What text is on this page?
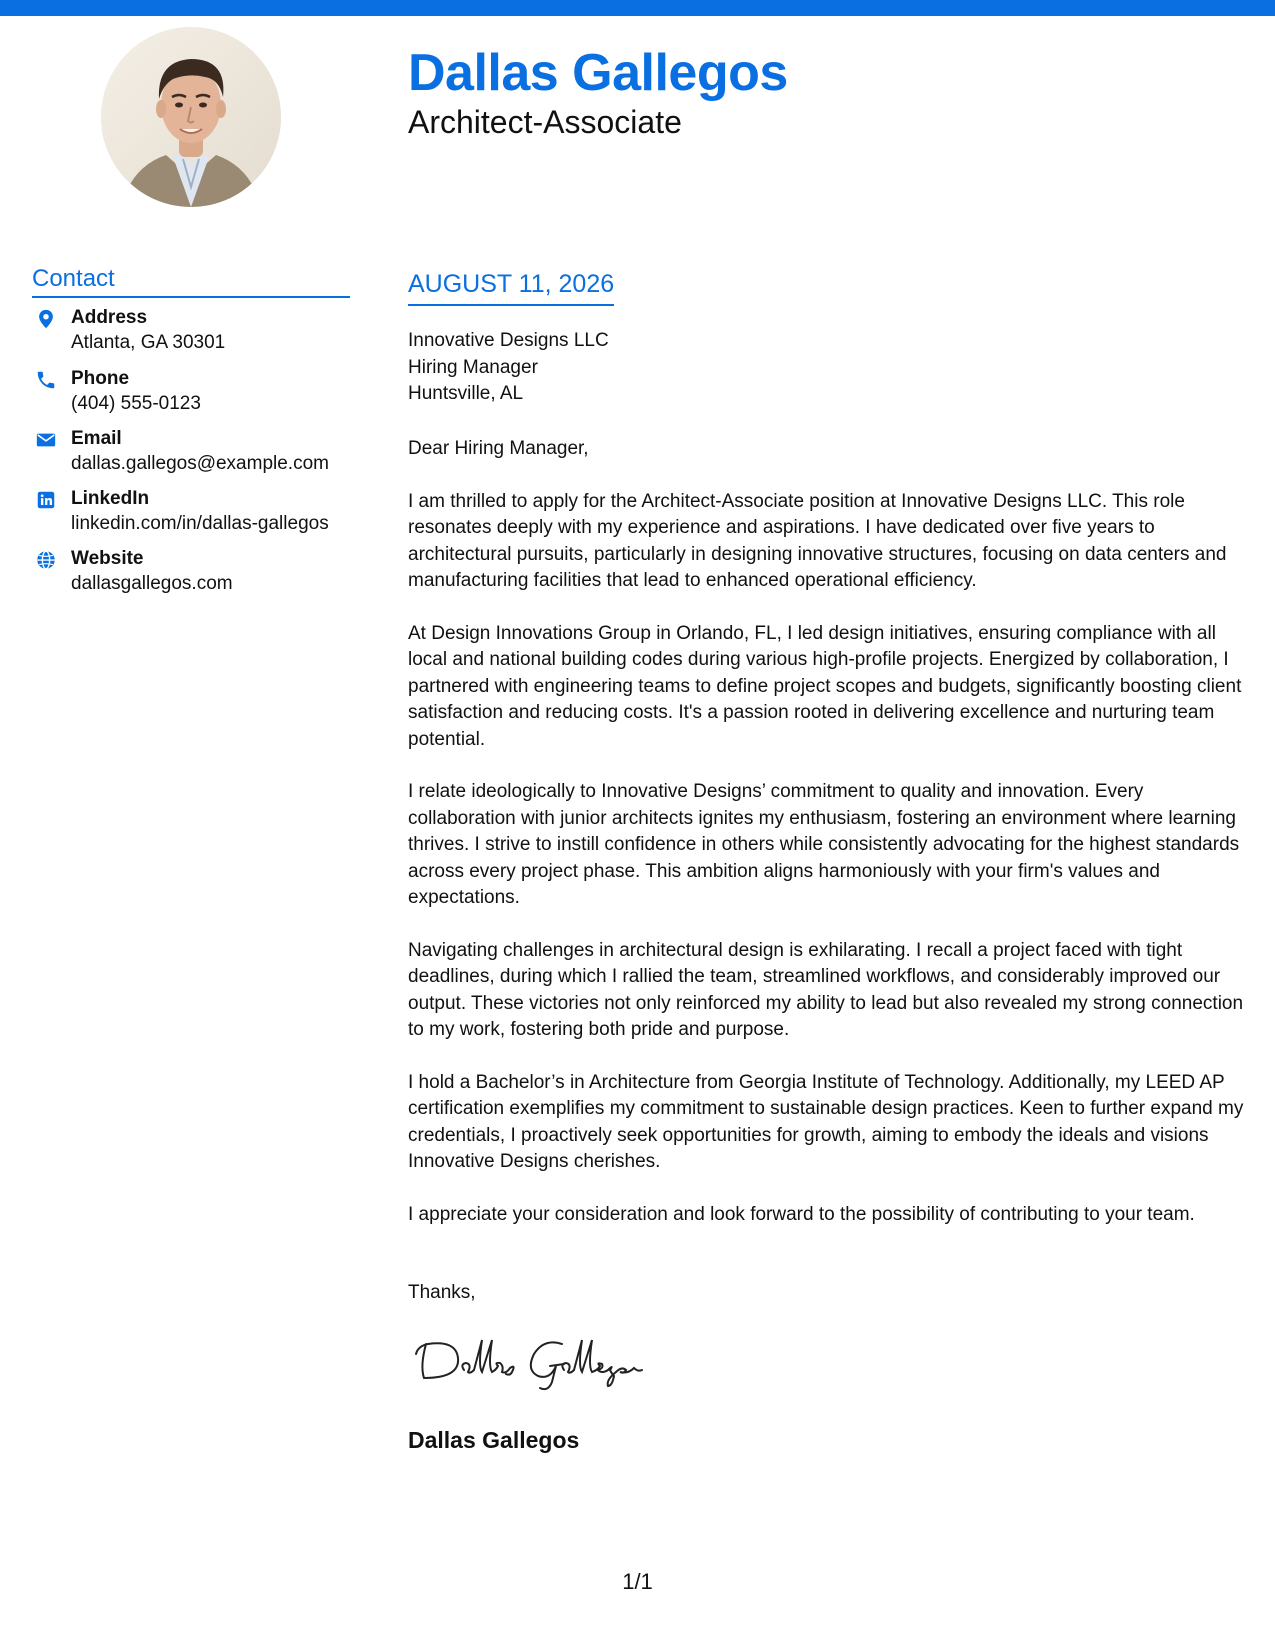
Dallas Gallegos
Architect-Associate
Contact
Address
Atlanta, GA 30301
Phone
(404) 555-0123
Email
dallas.gallegos@example.com
LinkedIn
linkedin.com/in/dallas-gallegos
Website
dallasgallegos.com
AUGUST 11, 2026
Innovative Designs LLC
Hiring Manager
Huntsville, AL

Dear Hiring Manager,

I am thrilled to apply for the Architect-Associate position at Innovative Designs LLC. This role resonates deeply with my experience and aspirations. I have dedicated over five years to architectural pursuits, particularly in designing innovative structures, focusing on data centers and manufacturing facilities that lead to enhanced operational efficiency.

At Design Innovations Group in Orlando, FL, I led design initiatives, ensuring compliance with all local and national building codes during various high-profile projects. Energized by collaboration, I partnered with engineering teams to define project scopes and budgets, significantly boosting client satisfaction and reducing costs. It's a passion rooted in delivering excellence and nurturing team potential.

I relate ideologically to Innovative Designs’ commitment to quality and innovation. Every collaboration with junior architects ignites my enthusiasm, fostering an environment where learning thrives. I strive to instill confidence in others while consistently advocating for the highest standards across every project phase. This ambition aligns harmoniously with your firm's values and expectations.

Navigating challenges in architectural design is exhilarating. I recall a project faced with tight deadlines, during which I rallied the team, streamlined workflows, and considerably improved our output. These victories not only reinforced my ability to lead but also revealed my strong connection to my work, fostering both pride and purpose.

I hold a Bachelor’s in Architecture from Georgia Institute of Technology. Additionally, my LEED AP certification exemplifies my commitment to sustainable design practices. Keen to further expand my credentials, I proactively seek opportunities for growth, aiming to embody the ideals and visions Innovative Designs cherishes.

I appreciate your consideration and look forward to the possibility of contributing to your team.

Thanks,
Dallas Gallegos
1/1
